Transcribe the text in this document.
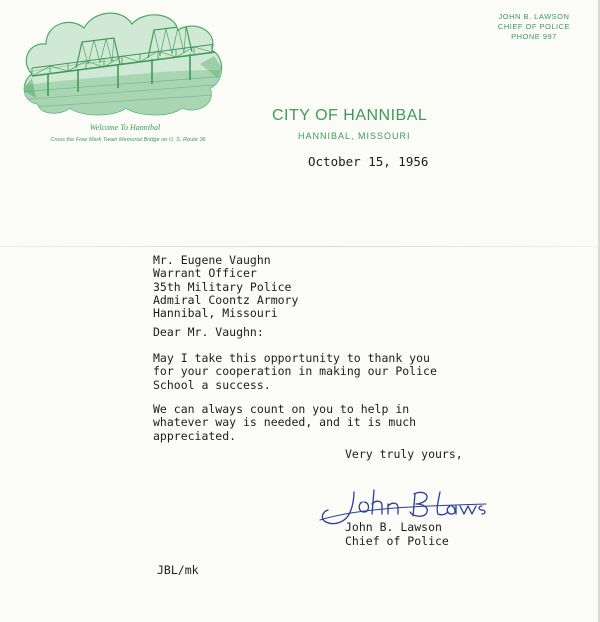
Welcome To Hannibal
Cross the Free Mark Twain Memorial Bridge on U. S. Route 36
JOHN B. LAWSON
CHIEF OF POLICE
PHONE 997
CITY OF HANNIBAL
HANNIBAL, MISSOURI
October 15, 1956
Mr. Eugene Vaughn
Warrant Officer
35th Military Police
Admiral Coontz Armory
Hannibal, Missouri
Dear Mr. Vaughn:
May I take this opportunity to thank you
for your cooperation in making our Police
School a success.
We can always count on you to help in
whatever way is needed, and it is much
appreciated.
Very truly yours,
John B. Lawson
Chief of Police
JBL/mk
